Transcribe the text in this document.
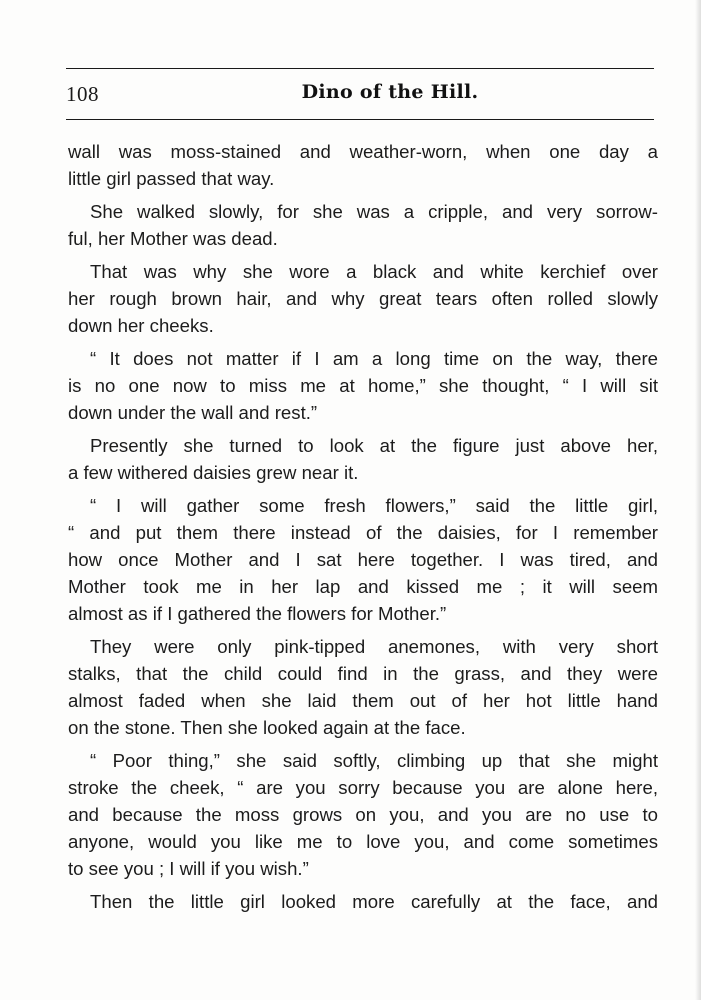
108	Dino of the Hill.
wall was moss-stained and weather-worn, when one day a
little girl passed that way.
She walked slowly, for she was a cripple, and very sorrow-
ful, her Mother was dead.
That was why she wore a black and white kerchief over
her rough brown hair, and why great tears often rolled slowly
down her cheeks.
“ It does not matter if I am a long time on the way, there
is no one now to miss me at home,” she thought, “ I will sit
down under the wall and rest.”
Presently she turned to look at the figure just above her,
a few withered daisies grew near it.
“ I will gather some fresh flowers,” said the little girl,
“ and put them there instead of the daisies, for I remember
how once Mother and I sat here together. I was tired, and
Mother took me in her lap and kissed me ; it will seem
almost as if I gathered the flowers for Mother.”
They were only pink-tipped anemones, with very short
stalks, that the child could find in the grass, and they were
almost faded when she laid them out of her hot little hand
on the stone. Then she looked again at the face.
“ Poor thing,” she said softly, climbing up that she might
stroke the cheek, “ are you sorry because you are alone here,
and because the moss grows on you, and you are no use to
anyone, would you like me to love you, and come sometimes
to see you ; I will if you wish.”
Then the little girl looked more carefully at the face, and
